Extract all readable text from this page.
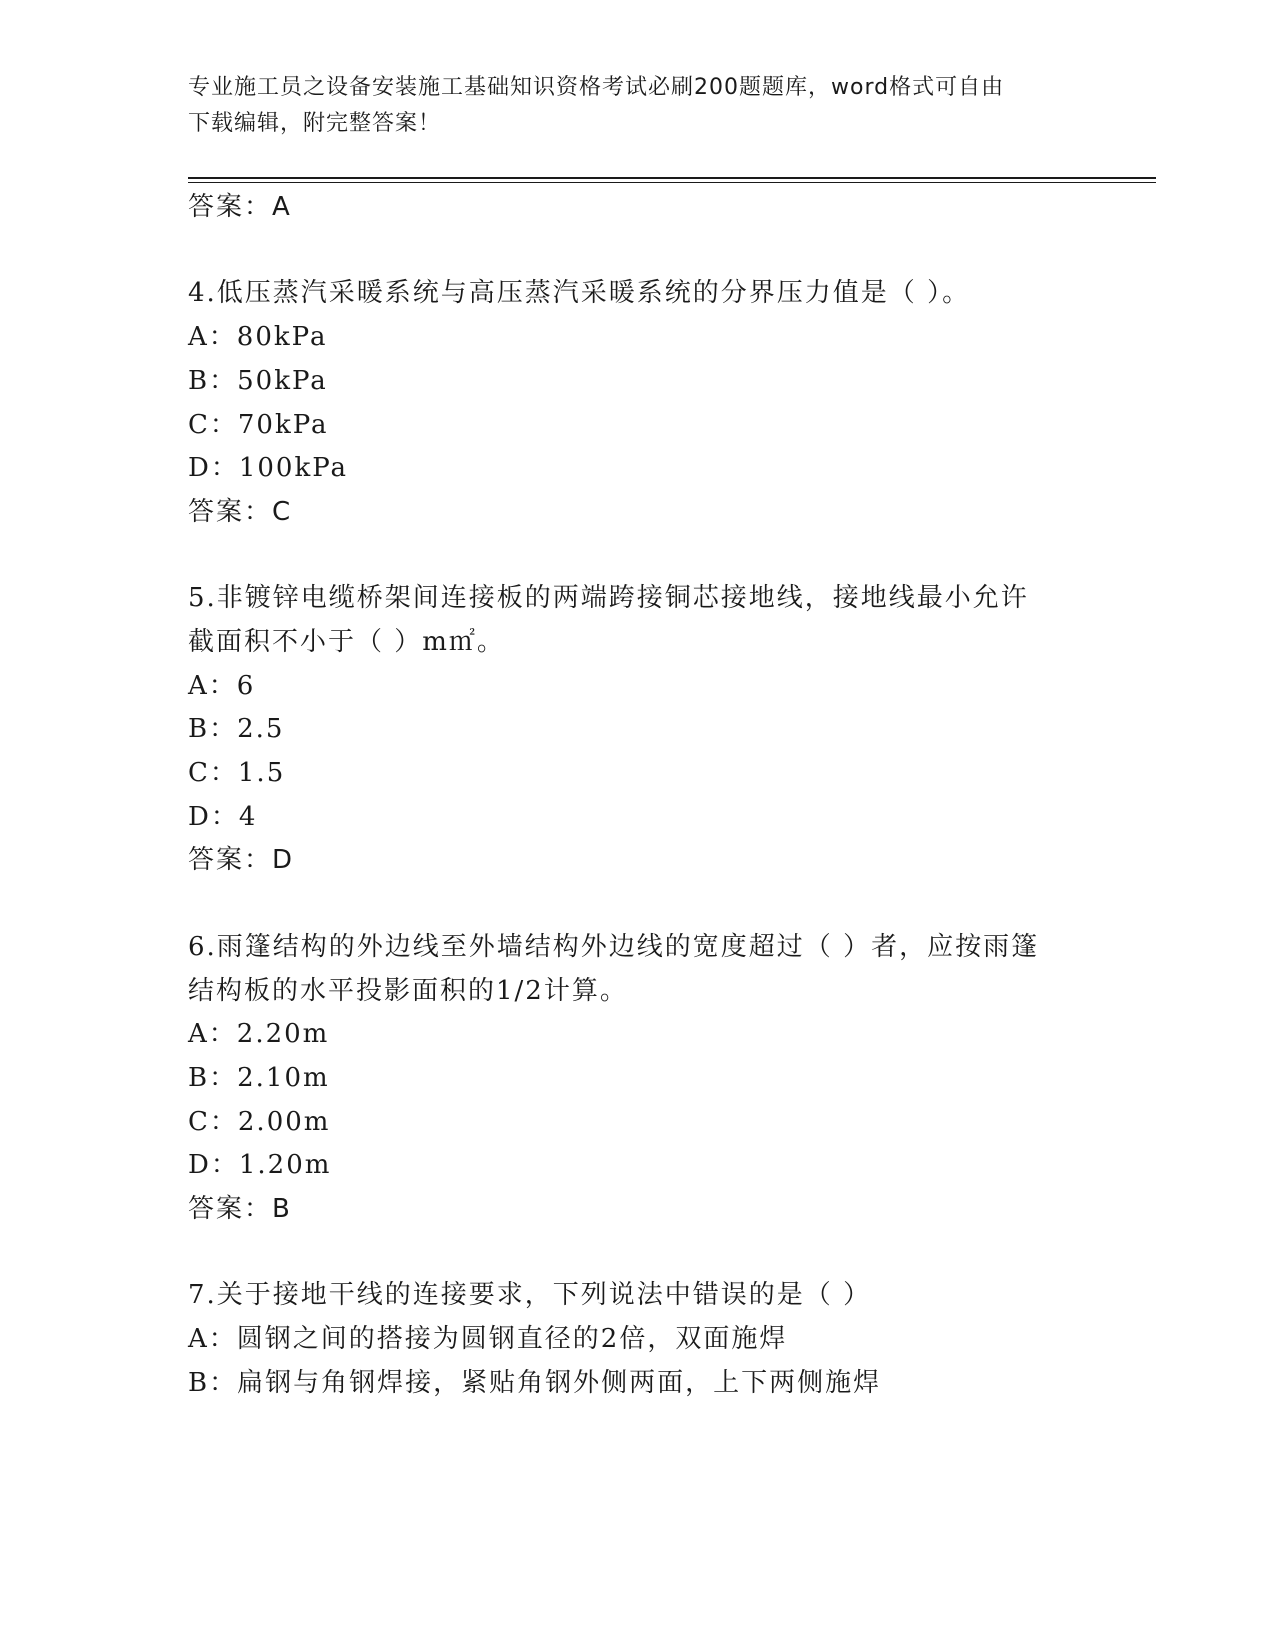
专业施工员之设备安装施工基础知识资格考试必刷200题题库，word格式可自由
下载编辑，附完整答案！
答案：A
4.低压蒸汽采暖系统与高压蒸汽采暖系统的分界压力值是（ ）。
A：80kPa
B：50kPa
C：70kPa
D：100kPa
答案：C
5.非镀锌电缆桥架间连接板的两端跨接铜芯接地线，接地线最小允许
截面积不小于（ ）m㎡。
A：6
B：2.5
C：1.5
D：4
答案：D
6.雨篷结构的外边线至外墙结构外边线的宽度超过（ ）者，应按雨篷
结构板的水平投影面积的1/2计算。
A：2.20m
B：2.10m
C：2.00m
D：1.20m
答案：B
7.关于接地干线的连接要求，下列说法中错误的是（ ）
A：圆钢之间的搭接为圆钢直径的2倍，双面施焊
B：扁钢与角钢焊接，紧贴角钢外侧两面，上下两侧施焊
